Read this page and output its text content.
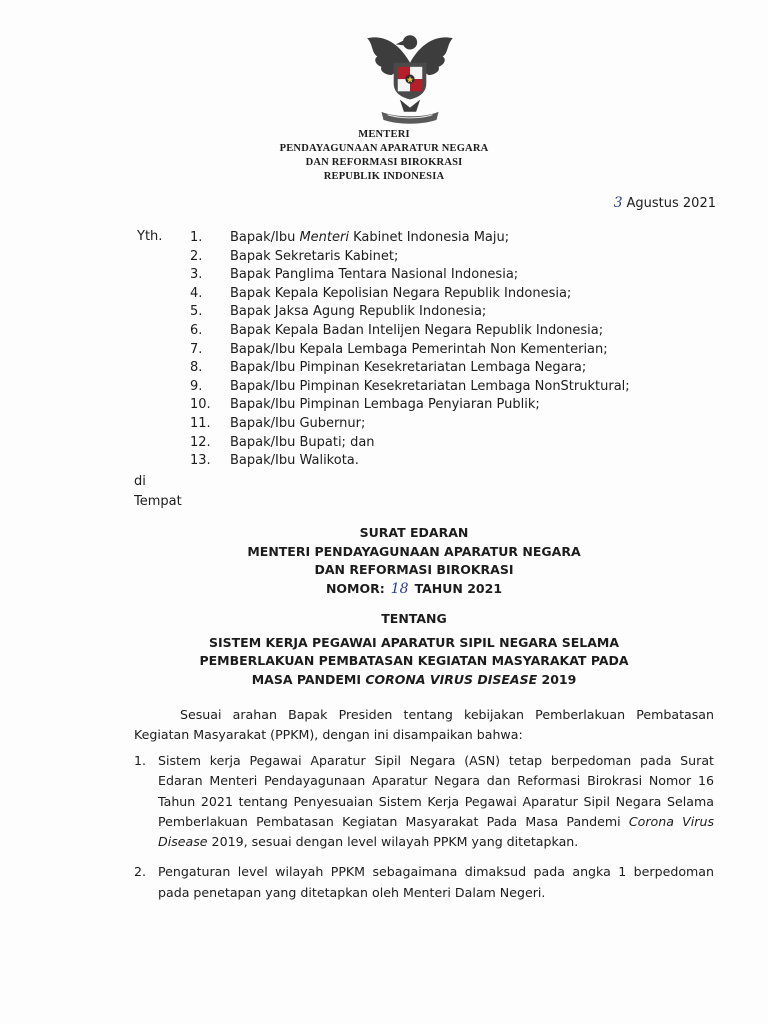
MENTERI
PENDAYAGUNAAN APARATUR NEGARA
DAN REFORMASI BIROKRASI
REPUBLIK INDONESIA
3 Agustus 2021
Yth. 1.	Bapak/Ibu Menteri Kabinet Indonesia Maju;
2.	Bapak Sekretaris Kabinet;
3.	Bapak Panglima Tentara Nasional Indonesia;
4.	Bapak Kepala Kepolisian Negara Republik Indonesia;
5.	Bapak Jaksa Agung Republik Indonesia;
6.	Bapak Kepala Badan Intelijen Negara Republik Indonesia;
7.	Bapak/Ibu Kepala Lembaga Pemerintah Non Kementerian;
8.	Bapak/Ibu Pimpinan Kesekretariatan Lembaga Negara;
9.	Bapak/Ibu Pimpinan Kesekretariatan Lembaga NonStruktural;
10.	Bapak/Ibu Pimpinan Lembaga Penyiaran Publik;
11.	Bapak/Ibu Gubernur;
12.	Bapak/Ibu Bupati; dan
13.	Bapak/Ibu Walikota.
di
Tempat
SURAT EDARAN
MENTERI PENDAYAGUNAAN APARATUR NEGARA
DAN REFORMASI BIROKRASI
NOMOR: 18 TAHUN 2021
TENTANG
SISTEM KERJA PEGAWAI APARATUR SIPIL NEGARA SELAMA
PEMBERLAKUAN PEMBATASAN KEGIATAN MASYARAKAT PADA
MASA PANDEMI CORONA VIRUS DISEASE 2019
Sesuai arahan Bapak Presiden tentang kebijakan Pemberlakuan Pembatasan Kegiatan Masyarakat (PPKM), dengan ini disampaikan bahwa:
1. Sistem kerja Pegawai Aparatur Sipil Negara (ASN) tetap berpedoman pada Surat Edaran Menteri Pendayagunaan Aparatur Negara dan Reformasi Birokrasi Nomor 16 Tahun 2021 tentang Penyesuaian Sistem Kerja Pegawai Aparatur Sipil Negara Selama Pemberlakuan Pembatasan Kegiatan Masyarakat Pada Masa Pandemi Corona Virus Disease 2019, sesuai dengan level wilayah PPKM yang ditetapkan.
2. Pengaturan level wilayah PPKM sebagaimana dimaksud pada angka 1 berpedoman pada penetapan yang ditetapkan oleh Menteri Dalam Negeri.
